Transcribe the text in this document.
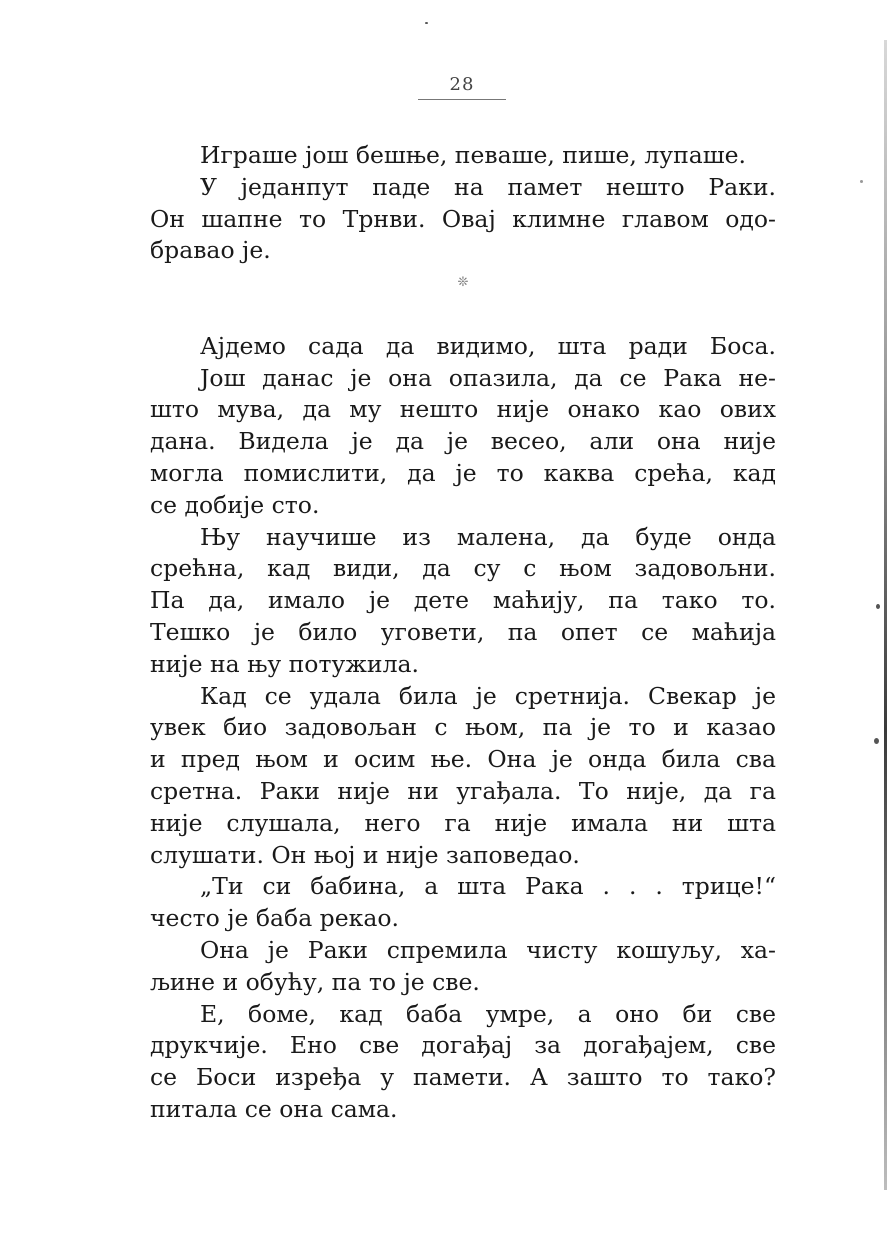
28
Играше још бешње, певаше, пише, лупаше.
У једанпут паде на памет нешто Раки.
Он шапне то Трнви. Овај климне главом одо-
бравао је.
❊
Ајдемо сада да видимо, шта ради Боса.
Још данас је она опазила, да се Рака не-
што мува, да му нешто није онако као ових
дана. Видела је да је весео, али она није
могла помислити, да је то каква срећа, кад
се добије сто.
Њу научише из малена, да буде онда
срећна, кад види, да су с њом задовољни.
Па да, имало је дете маћију, па тако то.
Тешко је било уговети, па опет се маћија
није на њу потужила.
Кад се удала била је сретнија. Свекар је
увек био задовољан с њом, па је то и казао
и пред њом и осим ње. Она је онда била сва
сретна. Раки није ни угађала. То није, да га
није слушала, него га није имала ни шта
слушати. Он њој и није заповедао.
„Ти си бабина, а шта Рака . . . трице!“
често је баба рекао.
Она је Раки спремила чисту кошуљу, ха-
љине и обућу, па то је све.
Е, боме, кад баба умре, а оно би све
друкчије. Ено све догађај за догађајем, све
се Боси изређа у памети. А зашто то тако?
питала се она сама.
